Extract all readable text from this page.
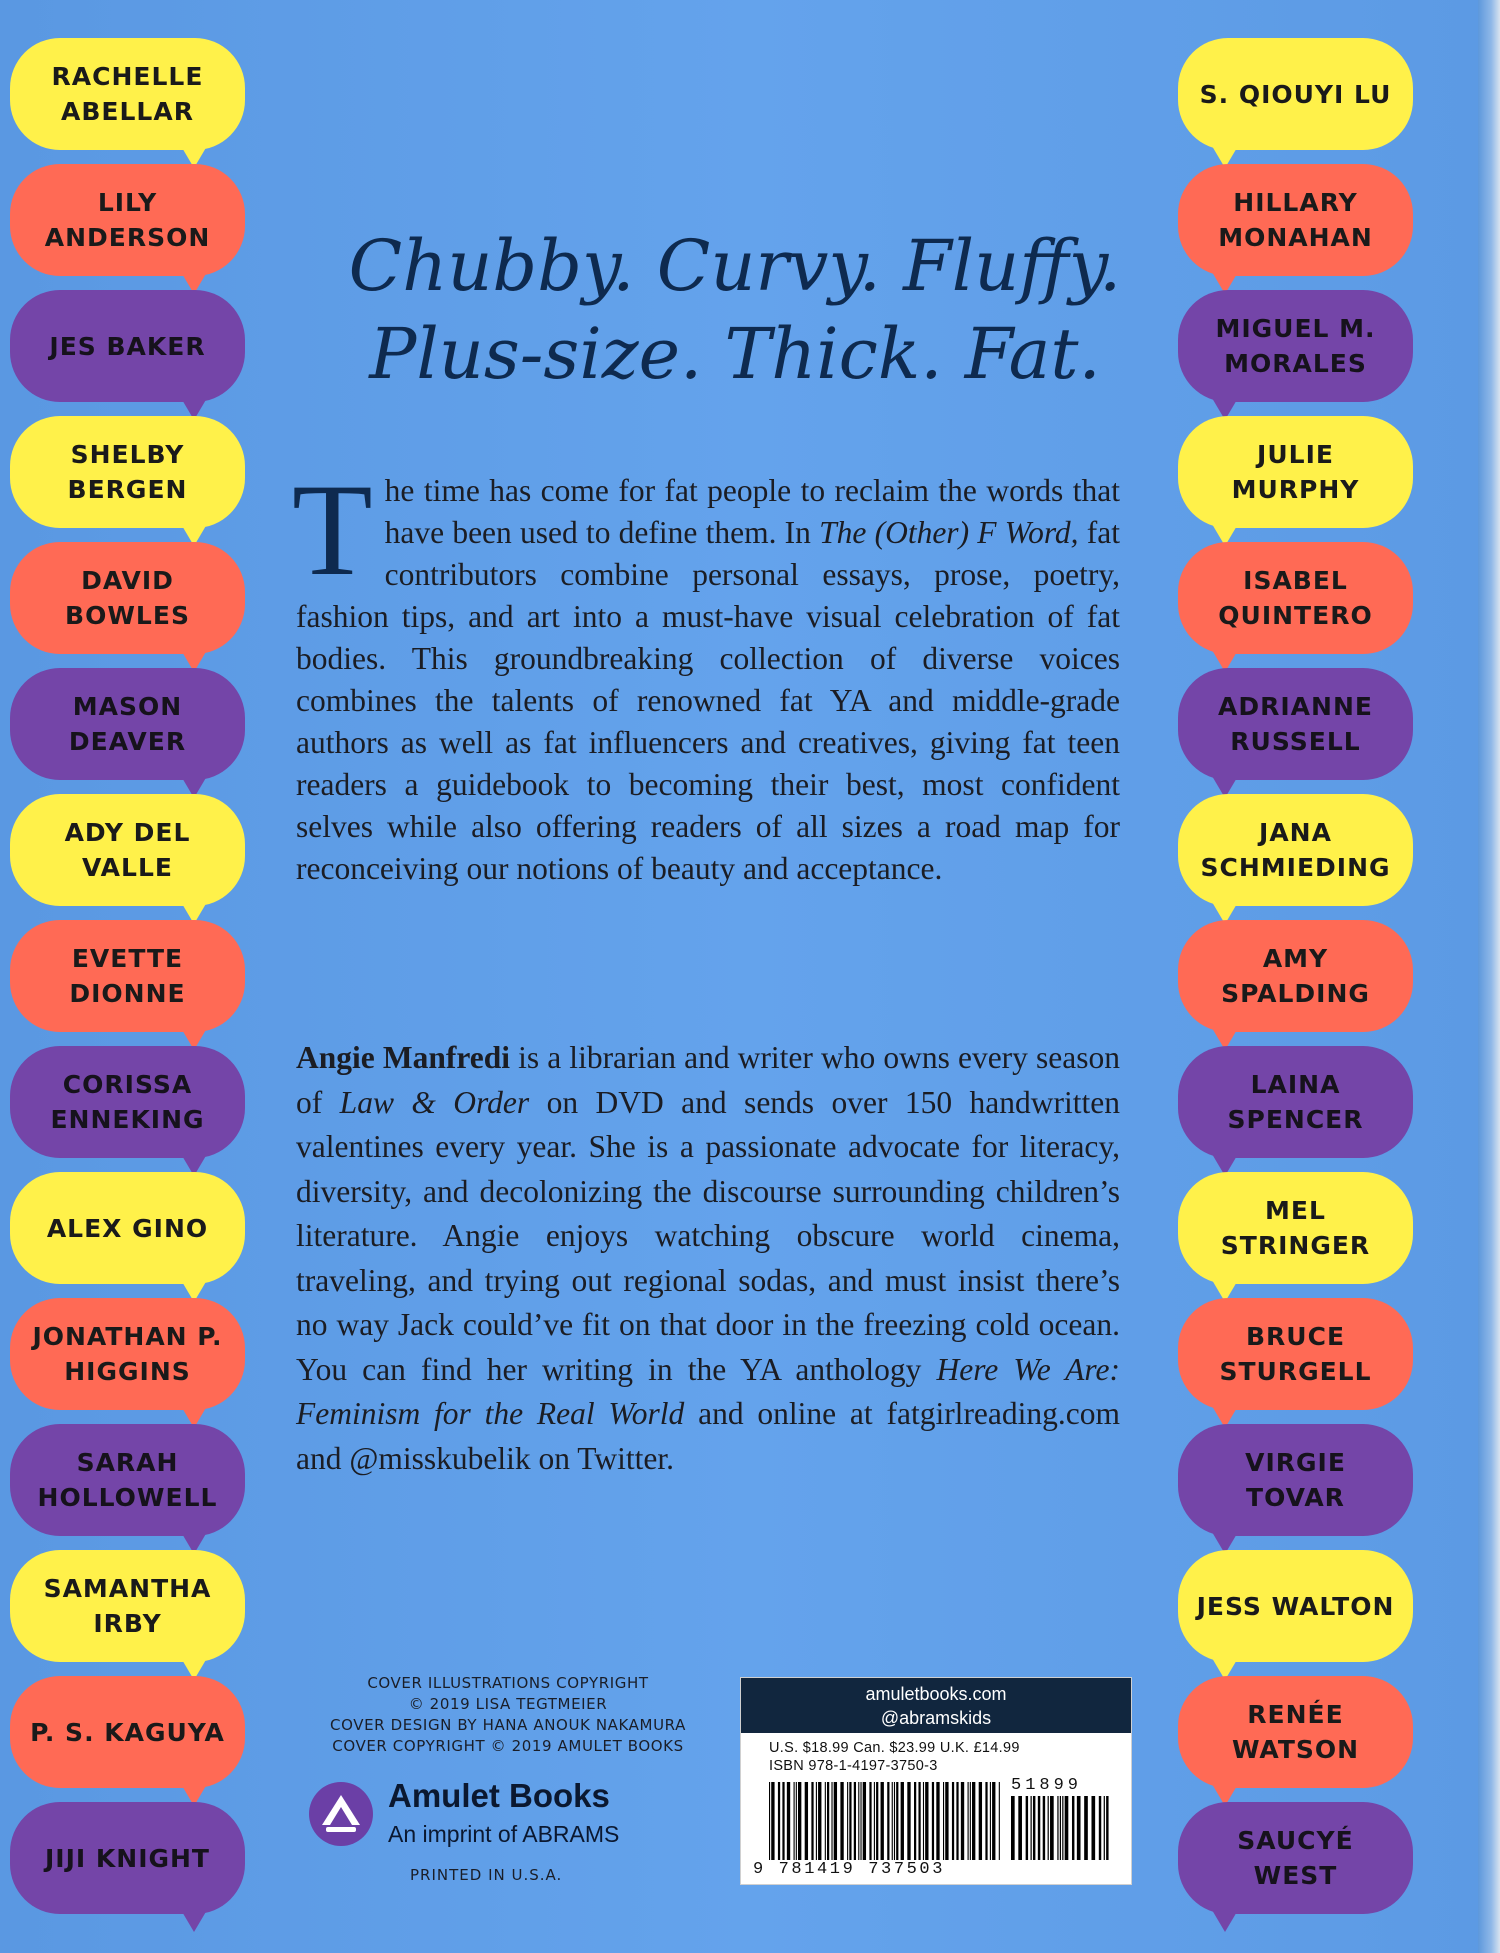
RACHELLE ABELLAR
LILY ANDERSON
JES BAKER
SHELBY BERGEN
DAVID BOWLES
MASON DEAVER
ADY DEL VALLE
EVETTE DIONNE
CORISSA ENNEKING
ALEX GINO
JONATHAN P. HIGGINS
SARAH HOLLOWELL
SAMANTHA IRBY
P. S. KAGUYA
JIJI KNIGHT
S. QIOUYI LU
HILLARY MONAHAN
MIGUEL M. MORALES
JULIE MURPHY
ISABEL QUINTERO
ADRIANNE RUSSELL
JANA SCHMIEDING
AMY SPALDING
LAINA SPENCER
MEL STRINGER
BRUCE STURGELL
VIRGIE TOVAR
JESS WALTON
RENÉE WATSON
SAUCYÉ WEST
Chubby. Curvy. Fluffy.
Plus-size. Thick. Fat.
The time has come for fat people to reclaim the words that have been used to define them. In The (Other) F Word, fat contributors combine personal essays, prose, poetry, fashion tips, and art into a must-have visual celebration of fat bodies. This groundbreaking collection of diverse voices combines the talents of renowned fat YA and middle-grade authors as well as fat influencers and creatives, giving fat teen readers a guidebook to becoming their best, most confident selves while also offering readers of all sizes a road map for reconceiving our notions of beauty and acceptance.
Angie Manfredi is a librarian and writer who owns every season of Law & Order on DVD and sends over 150 handwritten valentines every year. She is a passionate advocate for literacy, diversity, and decolonizing the discourse surrounding children’s literature. Angie enjoys watching obscure world cinema, traveling, and trying out regional sodas, and must insist there’s no way Jack could’ve fit on that door in the freezing cold ocean. You can find her writing in the YA anthology Here We Are: Feminism for the Real World and online at fatgirlreading.com and @misskubelik on Twitter.
COVER ILLUSTRATIONS COPYRIGHT
© 2019 LISA TEGTMEIER
COVER DESIGN BY HANA ANOUK NAKAMURA
COVER COPYRIGHT © 2019 AMULET BOOKS
Amulet Books
An imprint of ABRAMS
PRINTED IN U.S.A.
amuletbooks.com
@abramskids
U.S. $18.99 Can. $23.99 U.K. £14.99
ISBN 978-1-4197-3750-3
51899
9 781419 737503
